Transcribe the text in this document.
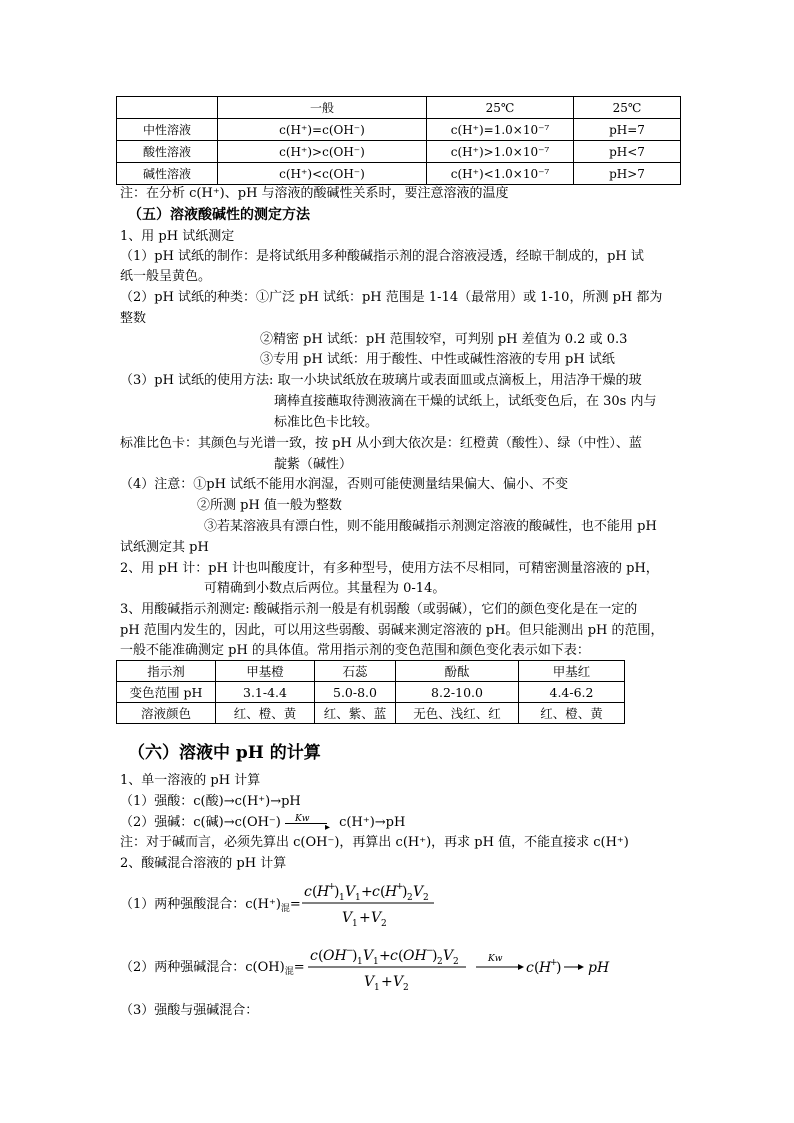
	一般	25℃	25℃
中性溶液	c(H⁺)=c(OH⁻)	c(H⁺)=1.0×10⁻⁷	pH=7
酸性溶液	c(H⁺)>c(OH⁻)	c(H⁺)>1.0×10⁻⁷	pH<7
碱性溶液	c(H⁺)<c(OH⁻)	c(H⁺)<1.0×10⁻⁷	pH>7
注：在分析 c(H⁺)、pH 与溶液的酸碱性关系时，要注意溶液的温度
（五）溶液酸碱性的测定方法
1、用 pH 试纸测定
（1）pH 试纸的制作：是将试纸用多种酸碱指示剂的混合溶液浸透，经晾干制成的，pH 试
纸一般呈黄色。
（2）pH 试纸的种类：①广泛 pH 试纸：pH 范围是 1-14（最常用）或 1-10，所测 pH 都为
整数
②精密 pH 试纸：pH 范围较窄，可判别 pH 差值为 0.2 或 0.3
③专用 pH 试纸：用于酸性、中性或碱性溶液的专用 pH 试纸
（3）pH 试纸的使用方法: 取一小块试纸放在玻璃片或表面皿或点滴板上，用洁净干燥的玻
璃棒直接蘸取待测液滴在干燥的试纸上，试纸变色后，在 30s 内与
标准比色卡比较。
标准比色卡：其颜色与光谱一致，按 pH 从小到大依次是：红橙黄（酸性）、绿（中性）、蓝
靛紫（碱性）
（4）注意：①pH 试纸不能用水润湿，否则可能使测量结果偏大、偏小、不变
②所测 pH 值一般为整数
③若某溶液具有漂白性，则不能用酸碱指示剂测定溶液的酸碱性，也不能用 pH
试纸测定其 pH
2、用 pH 计：pH 计也叫酸度计，有多种型号，使用方法不尽相同，可精密测量溶液的 pH，
可精确到小数点后两位。其量程为 0-14。
3、用酸碱指示剂测定: 酸碱指示剂一般是有机弱酸（或弱碱），它们的颜色变化是在一定的
pH 范围内发生的，因此，可以用这些弱酸、弱碱来测定溶液的 pH。但只能测出 pH 的范围，
一般不能准确测定 pH 的具体值。常用指示剂的变色范围和颜色变化表示如下表：
指示剂	甲基橙	石蕊	酚酞	甲基红
变色范围 pH	3.1-4.4	5.0-8.0	8.2-10.0	4.4-6.2
溶液颜色	红、橙、黄	红、紫、蓝	无色、浅红、红	红、橙、黄
（六）溶液中 pH 的计算
1、单一溶液的 pH 计算
（1）强酸：c(酸)→c(H⁺)→pH
（2）强碱：c(碱)→c(OH⁻) Kw
▸ c(H⁺)→pH
注：对于碱而言，必须先算出 c(OH⁻)，再算出 c(H⁺)，再求 pH 值，不能直接求 c(H⁺)
2、酸碱混合溶液的 pH 计算
（1）两种强酸混合：$c(H^+)_混=$
c ( H
+
) 1 V 1 + c ( H
+
) 2 V 2
V 1 + V 2
（2）两种强碱混合：$c(OH)_混=$
c ( OH −
) 1 V 1 + c ( OH −
) 2 V 2
V 1 + V 2
Kw
c ( H
+
) pH
（3）强酸与强碱混合：
